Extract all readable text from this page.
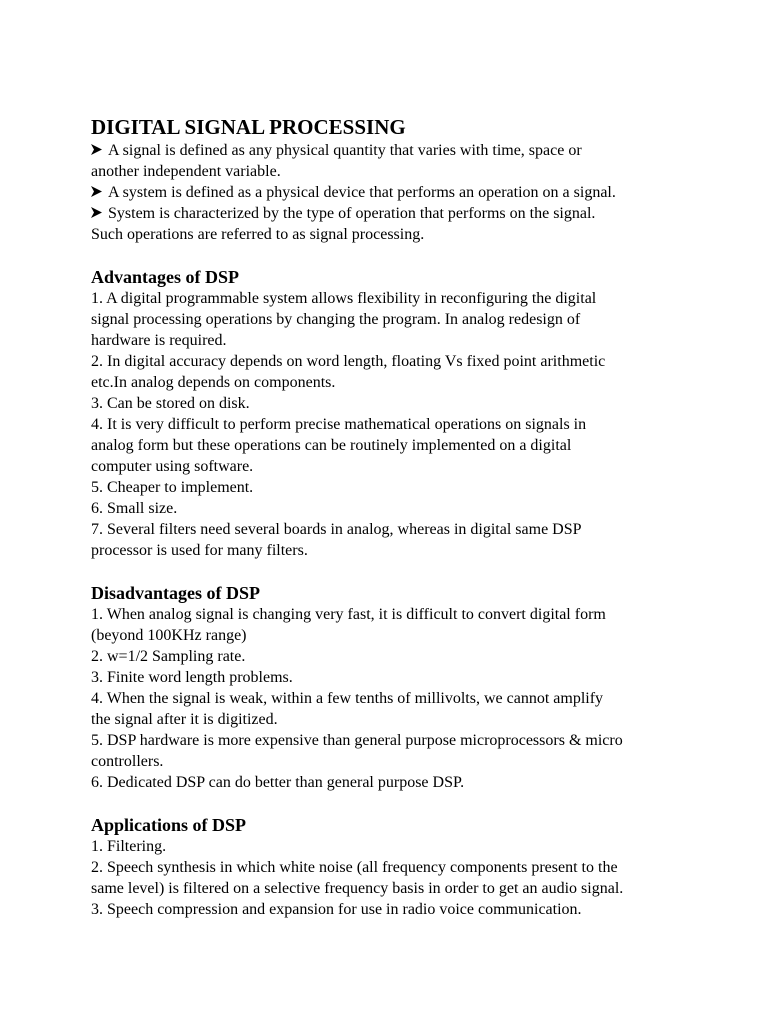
DIGITAL SIGNAL PROCESSING

A signal is defined as any physical quantity that varies with time, space or
another independent variable.

A system is defined as a physical device that performs an operation on a signal.

System is characterized by the type of operation that performs on the signal.
Such operations are referred to as signal processing.

Advantages of DSP

1. A digital programmable system allows flexibility in reconfiguring the digital

signal processing operations by changing the program. In analog redesign of

hardware is required.

2. In digital accuracy depends on word length, floating Vs fixed point arithmetic

etc.In analog depends on components.

3. Can be stored on disk.

4. It is very difficult to perform precise mathematical operations on signals in

analog form but these operations can be routinely implemented on a digital

computer using software.

5. Cheaper to implement.

6. Small size.

7. Several filters need several boards in analog, whereas in digital same DSP

processor is used for many filters.

Disadvantages of DSP

1. When analog signal is changing very fast, it is difficult to convert digital form

(beyond 100KHz range)

2. w=1/2 Sampling rate.

3. Finite word length problems.

4. When the signal is weak, within a few tenths of millivolts, we cannot amplify

the signal after it is digitized.

5. DSP hardware is more expensive than general purpose microprocessors & micro

controllers.

6. Dedicated DSP can do better than general purpose DSP.

Applications of DSP

1. Filtering.

2. Speech synthesis in which white noise (all frequency components present to the

same level) is filtered on a selective frequency basis in order to get an audio signal.

3. Speech compression and expansion for use in radio voice communication.
